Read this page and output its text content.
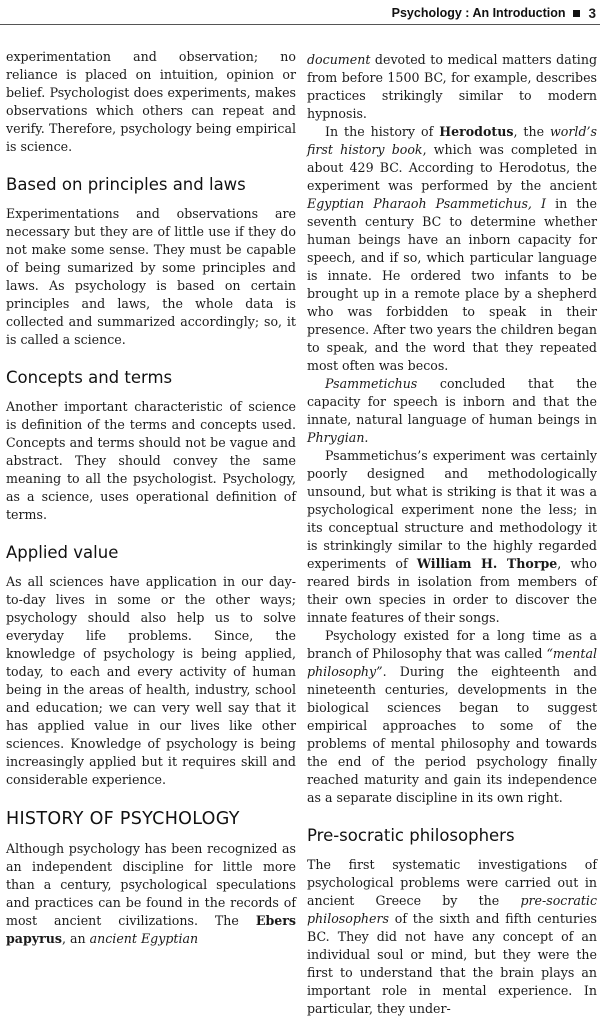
Psychology : An Introduction 3

experimentation and observation; no reliance is placed on intuition, opinion or belief. Psychologist does experiments, makes observations which others can repeat and verify. Therefore, psychology being empirical is science.

Based on principles and laws

Experimentations and observations are necessary but they are of little use if they do not make some sense. They must be capable of being sumarized by some principles and laws. As psychology is based on certain principles and laws, the whole data is collected and summarized accordingly; so, it is called a science.

Concepts and terms

Another important characteristic of science is definition of the terms and concepts used. Concepts and terms should not be vague and abstract. They should convey the same meaning to all the psychologist. Psychology, as a science, uses operational definition of terms.

Applied value

As all sciences have application in our day-to-day lives in some or the other ways; psychology should also help us to solve everyday life problems. Since, the knowledge of psychology is being applied, today, to each and every activity of human being in the areas of health, industry, school and education; we can very well say that it has applied value in our lives like other sciences. Knowledge of psychology is being increasingly applied but it requires skill and considerable experience.

HISTORY OF PSYCHOLOGY

Although psychology has been recognized as an independent discipline for little more than a century, psychological speculations and practices can be found in the records of most ancient civilizations. The Ebers papyrus, an ancient Egyptian

document devoted to medical matters dating from before 1500 BC, for example, describes practices strikingly similar to modern hypnosis.

In the history of Herodotus, the world’s first history book, which was completed in about 429 BC. According to Herodotus, the experiment was performed by the ancient Egyptian Pharaoh Psammetichus, I in the seventh century BC to determine whether human beings have an inborn capacity for speech, and if so, which particular language is innate. He ordered two infants to be brought up in a remote place by a shepherd who was forbidden to speak in their presence. After two years the children began to speak, and the word that they repeated most often was becos.

Psammetichus concluded that the capacity for speech is inborn and that the innate, natural language of human beings in Phrygian.

Psammetichus’s experiment was certainly poorly designed and methodologically unsound, but what is striking is that it was a psychological experiment none the less; in its conceptual structure and methodology it is strinkingly similar to the highly regarded experiments of William H. Thorpe, who reared birds in isolation from members of their own species in order to discover the innate features of their songs.

Psychology existed for a long time as a branch of Philosophy that was called “mental philosophy”. During the eighteenth and nineteenth centuries, developments in the biological sciences began to suggest empirical approaches to some of the problems of mental philosophy and towards the end of the period psychology finally reached maturity and gain its independence as a separate discipline in its own right.

Pre-socratic philosophers

The first systematic investigations of psychological problems were carried out in ancient Greece by the pre-socratic philosophers of the sixth and fifth centuries BC. They did not have any concept of an individual soul or mind, but they were the first to understand that the brain plays an important role in mental experience. In particular, they under-
